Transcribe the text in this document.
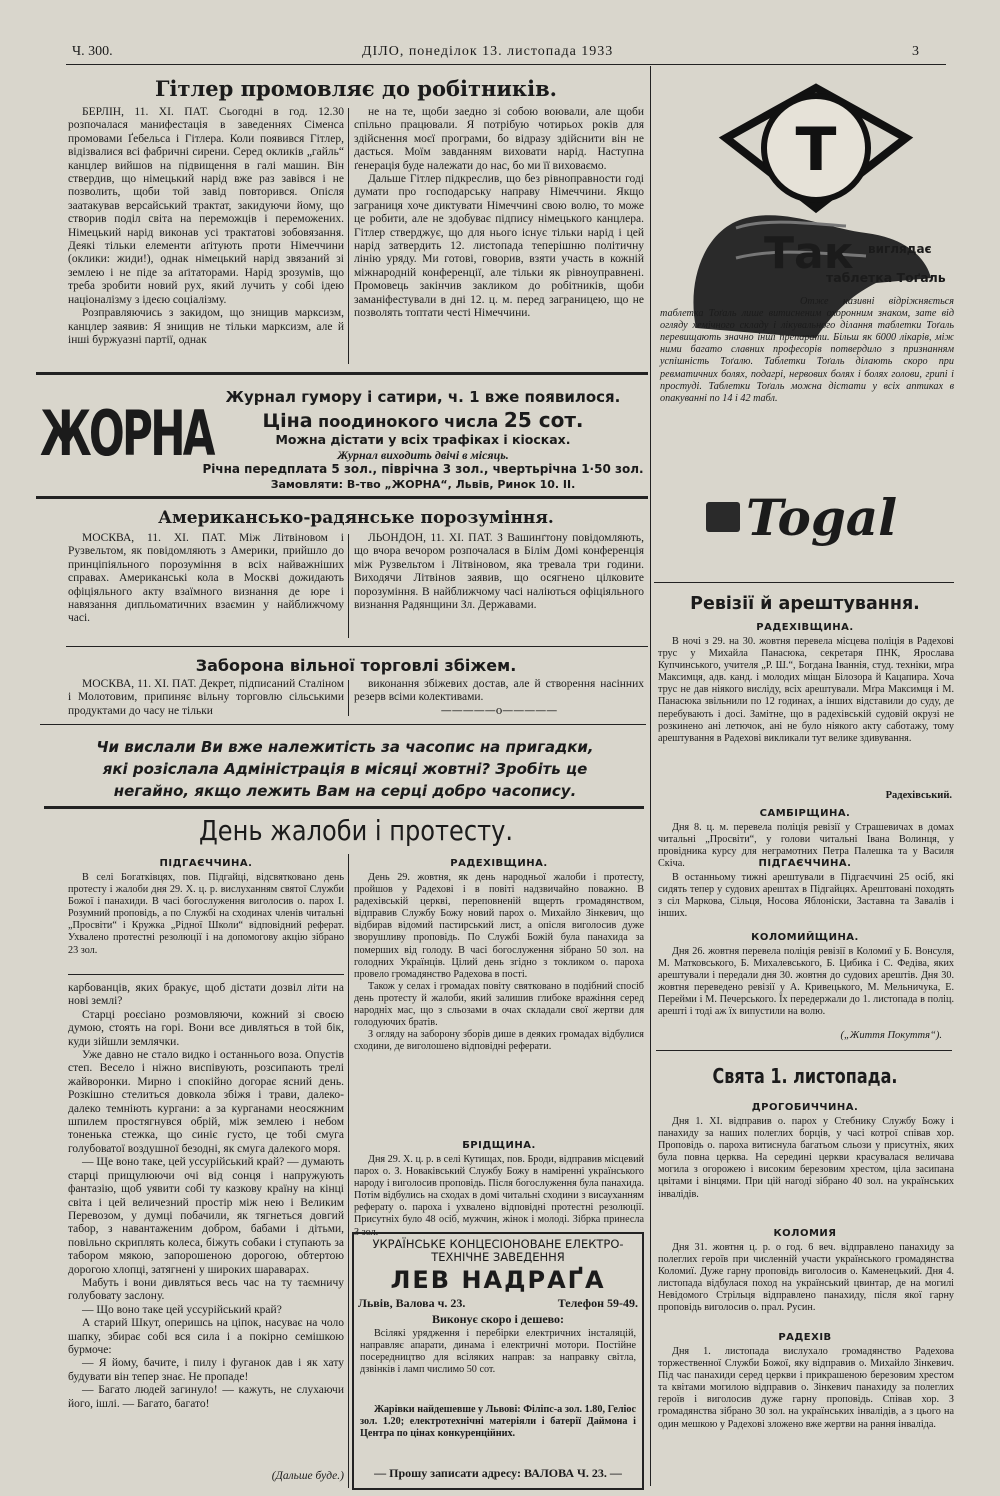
Ч. 300.	ДІЛО, понеділок 13. листопада 1933	3
Гітлер промовляє до робітників.

БЕРЛІН, 11. XI. ПАТ. Сьогодні в год. 12.30 розпочалася манифестація в заведеннях Сіменса промовами Ґебельса і Гітлера. Коли появився Гітлер, відізвалися всі фабричні сирени. Серед окликів „гайль“ канцлер вийшов на підвищення в галі машин. Він ствердив, що німецький нарід вже раз завівся і не позволить, щоби той завід повторився. Опісля заатакував версайський трактат, закидуючи йому, що створив поділ світа на переможців і переможених. Німецький нарід виконав усі трактатові зобовязання. Деякі тільки елементи аґітують проти Німеччини (оклики: жиди!), однак німецький нарід звязаний зі землею і не піде за аґітаторами. Нарід зрозумів, що треба зробити новий рух, який лучить у собі ідею націоналізму з ідеєю соціалізму.

Розправляючись з закидом, що знищив марксизм, канцлер заявив: Я знищив не тільки марксизм, але й інші буржуазні партії, однак

не на те, щоби заедно зі собою воювали, але щоби спільно працювали. Я потрібую чотирьох років для здійснення моєї програми, бо відразу здійснити він не дасться. Моїм завданням виховати нарід. Наступна ґенерація буде належати до нас, бо ми її виховаємо.

Дальше Гітлер підкреслив, що без рівноправности годі думати про господарську направу Німеччини. Якщо заграниця хоче диктувати Німеччині свою волю, то може це робити, але не здобуває підпису німецького канцлера. Гітлер стверджує, що для нього існує тільки нарід і цей нарід затвердить 12. листопада теперішню політичну лінію уряду. Ми готові, говорив, взяти участь в кожній міжнародній конференції, але тільки як рівноуправнені. Промовець закінчив закликом до робітників, щоби заманіфестували в дні 12. ц. м. перед заграницею, що не позволять топтати честі Німеччини.

ЖОРНА Журнал гумору і сатири, ч. 1 вже появилося.
Ціна поодинокого числа 25 сот.
Можна дістати у всіх трафіках і кіосках.
Журнал виходить двічі в місяць.
Річна передплата 5 зол., піврічна 3 зол., чвертьрічна 1·50 зол.
Замовляти: В-тво „ЖОРНА“, Львів, Ринок 10. II.
T
Так виглядає
таблетка Тоґаль
Отже називні відріжняється таблетка Тоґаль лише витисненим охоронним знаком, зате від огляду хемічного складу і лікувального ділання таблетки Тоґаль перевищають значно інші препарати. Більш як 6000 лікарів, між ними багато славних професорів потвердило з признанням успішність Тоґалю. Таблетки Тоґаль ділають скоро при ревматичних болях, подагрі, нервових болях і болях голови, грипі і простуді. Таблетки Тоґаль можна дістати у всіх аптиках в опакуванні по 14 і 42 табл.
Togal
Американсько-радянське порозуміння.

МОСКВА, 11. XI. ПАТ. Між Літвіновом і Рузвельтом, як повідомляють з Америки, прийшло до принціпіяльного порозуміння в всіх найважніших справах. Американські кола в Москві дожидають офіціяльного акту взаїмного визнання де юре і навязання дипльоматичних взаємин у найближчому часі.

ЛЬОНДОН, 11. XI. ПАТ. З Вашинґтону повідомляють, що вчора вечором розпочалася в Білім Домі конференція між Рузвельтом і Літвіновом, яка тревала три години. Виходячи Літвінов заявив, що осягнено цілковите порозуміння. В найближчому часі наліються офіціяльного визнання Радянщини Зл. Державами.

Заборона вільної торговлі збіжем.

МОСКВА, 11. XI. ПАТ. Декрет, підписаний Сталіном і Молотовим, припиняє вільну торговлю сільськими продуктами до часу не тільки

виконання збіжевих достав, але й створення насінних резерв всіми колективами.

—————o—————
Чи вислали Ви вже належитість за часопис на пригадки,
які розіслала Адміністрація в місяці жовтні? Зробіть це
негайно, якщо лежить Вам на серці добро часопису.
День жалоби і протесту.
ПІДГАЄЧЧИНА.

В селі Богатківцях, пов. Підгайці, відсвятковано день протесту і жалоби дня 29. Х. ц. р. вислуханням святої Служби Божої і панахиди. В часі богослуження виголосив о. парох І. Розумний проповідь, а по Службі на сходинах членів читальні „Просвіти“ і Кружка „Рідної Школи“ відповідний реферат. Ухвалено протестні резолюції і на допомогову акцію зібрано 23 зол.

РАДЕХІВЩИНА.

День 29. жовтня, як день народньої жалоби і протесту, пройшов у Радехові і в повіті надзвичайно поважно. В радехівській церкві, переповненій вщерть громадянством, відправив Службу Божу новий парох о. Михайло Зінкевич, що відбирав відомий пастирський лист, а опісля виголосив дуже зворушливу проповідь. По Службі Божій була панахида за померших від голоду. В часі богослуження зібрано 50 зол. на голодних Українців. Цілий день згідно з токликом о. пароха провело громадянство Радехова в пості.

Також у селах і громадах повіту святковано в подібний спосіб день протесту й жалоби, який залишив глибоке вражіння серед народніх мас, що з сльозами в очах складали свої жертви для голодуючих братів.

З огляду на заборону зборів дише в деяких громадах відбулися сходини, де виголошено відповідні реферати.

БРІДЩИНА.

Дня 29. Х. ц. р. в селі Кутищах, пов. Броди, відправив місцевий парох о. З. Новаківський Службу Божу в наміренні українського народу і виголосив проповідь. Після богослуження була панахида. Потім відбулись на сходах в домі читальні сходини з висауханням реферату о. пароха і ухвалено відповідні протестні резолюції. Присутніх було 48 осіб, мужчин, жінок і молоді. Зібрка принесла 3 зол.

карбованців, яких бракує, щоб дістати дозвіл літи на нові землі?

Старці роєсіано розмовляючи, кожний зі своєю думою, стоять на горі. Вони все дивляться в той бік, куди зійшли землячки.

Уже давно не стало видко і останнього воза. Опустів степ. Весело і ніжно виспівують, розсипають трелі жайворонки. Мирно і спокійно догорає ясний день. Розкішно стелиться довкола збіжя і трави, далеко-далеко темніють кургани: а за курганами неосяжним шпилем простягнувся обрій, між землею і небом тоненька стежка, що синіє густо, це тобі смуга голубоватої воздушної безодні, як смуга далекого моря.

— Ще воно таке, цей уссурійський край? — думають старці прищулюючи очі від сонця і напружують фантазію, щоб уявити собі ту казкову країну на кінці світа і цей величезний простір між нею і Великим Перевозом, у думці побачили, як тягнеться довгий табор, з навантаженим добром, бабами і дітьми, повільно скриплять колеса, біжуть собаки і ступають за табором мякою, запорошеною дорогою, обтертою дорогою хлопці, затягнені у широких шараварах.

Мабуть і вони дивляться весь час на ту таємничу голубовату заслону.

— Що воно таке цей уссурійський край?

А старий Шкут, оперишсь на ціпок, насуває на чоло шапку, збирає собі вся сила і а покірно семішкою бурмоче:

— Я йому, бачите, і пилу і фуганок дав і як хату будувати він тепер знає. Не пропаде!

— Багато людей загинуло! — кажуть, не слухаючи його, ішлі. — Багато, багато!

(Дальше буде.)
УКРАЇНСЬКЕ КОНЦЕСІОНОВАНЕ ЕЛЕКТРО-
ТЕХНІЧНЕ ЗАВЕДЕННЯ
ЛЕВ НАДРАҐА
Львів, Валова ч. 23.	Телефон 59-49.
Виконує скоро і дешево:
Всілякі урядження і перебірки електричних інсталяцій, направляє апарати, динама і електричні мотори. Постійне посередництво для всіляких направ: за направку світла, дзвінків і ламп числимо 50 сот.
Жарівки найдешевше у Львові: Філіпс-а зол. 1.80, Геліос зол. 1.20; електротехнічні матеріяли і батерії Даймона і Центра по цінах конкуренційних.
— Прошу записати адресу: ВАЛОВА Ч. 23. —
Ревізії й арештування.
РАДЕХІВЩИНА.

В ночі з 29. на 30. жовтня перевела місцева поліція в Радехові трус у Михайла Панасюка, секретаря ПНК, Ярослава Купчинського, учителя „Р. Ш.“, Богдана Іваннія, студ. техніки, мґра Максимця, адв. канд. і молодих міщан Білозора й Кацапира. Хоча трус не дав ніякого висліду, всіх арештували. Мґра Максимця і М. Панасюка звільнили по 12 годинах, а інших відставили до суду, де перебувають і досі. Замітне, що в радехівській судовій окрузі не розкинено ані летючок, ані не було ніякого акту саботажу, тому арештування в Радехові викликали тут велике здивування.

Радехівський.
САМБІРЩИНА.

Дня 8. ц. м. перевела поліція ревізії у Страшевичах в домах читальні „Просвіти“, у голови читальні Івана Волинця, у провідника курсу для неграмотних Петра Палешка та у Василя Скіча.	ПІДГАЄЧЧИНА.

В останньому тижні арештували в Підгаєччині 25 осіб, які сидять тепер у судових арештах в Підгайцях. Арештовані походять з сіл Маркова, Сільця, Носова Яблоніски, Заставна та Завалів і інших.

КОЛОМИЙЩИНА.

Дня 26. жовтня перевела поліція ревізії в Коломиї у Б. Вонсуля, М. Матковського, Б. Михалевського, Б. Цибика і С. Федіва, яких арештували і передали дня 30. жовтня до судових арештів. Дня 30. жовтня переведено ревізії у А. Кривецького, М. Мельничука, Е. Перейми і М. Печерського. Їх передержали до 1. листопада в поліц. арешті і тоді аж їх випустили на волю.

(„Життя Покуття“).
Свята 1. листопада.
ДРОГОБИЧЧИНА.

Дня 1. XI. відправив о. парох у Стебнику Службу Божу і панахиду за наших полеглих борців, у часі котрої співав хор. Проповідь о. пароха витиснула багатьом сльози у присутніх, яких була повна церква. На середині церкви красувалася величава могила з огорожею і високим березовим хрестом, ціла засипана цвітами і вінцями. При цій нагоді зібрано 40 зол. на українських інвалідів.

КОЛОМИЯ

Дня 31. жовтня ц. р. о год. 6 веч. відправлено панахиду за полеглих героїв при численній участи українського громадянства Коломиї. Дуже гарну проповідь виголосив о. Каменецький. Дня 4. листопада відбулася поход на український цвинтар, де на могилі Невідомого Стрільця відправлено панахиду, після якої гарну проповідь виголосив о. прал. Русин.

РАДЕХІВ

Дня 1. листопада вислухало громадянство Радехова торжественної Служби Божої, яку відправив о. Михайло Зінкевич. Під час панахиди серед церкви і прикрашеною березовим хрестом та квітами могилою відправив о. Зінкевич панахиду за полеглих героїв і виголосив дуже гарну проповідь. Співав хор. З громадянства зібрано 30 зол. на українських інвалідів, а з цього на один мешкою у Радехові зложено вже жертви на рання інваліда.
